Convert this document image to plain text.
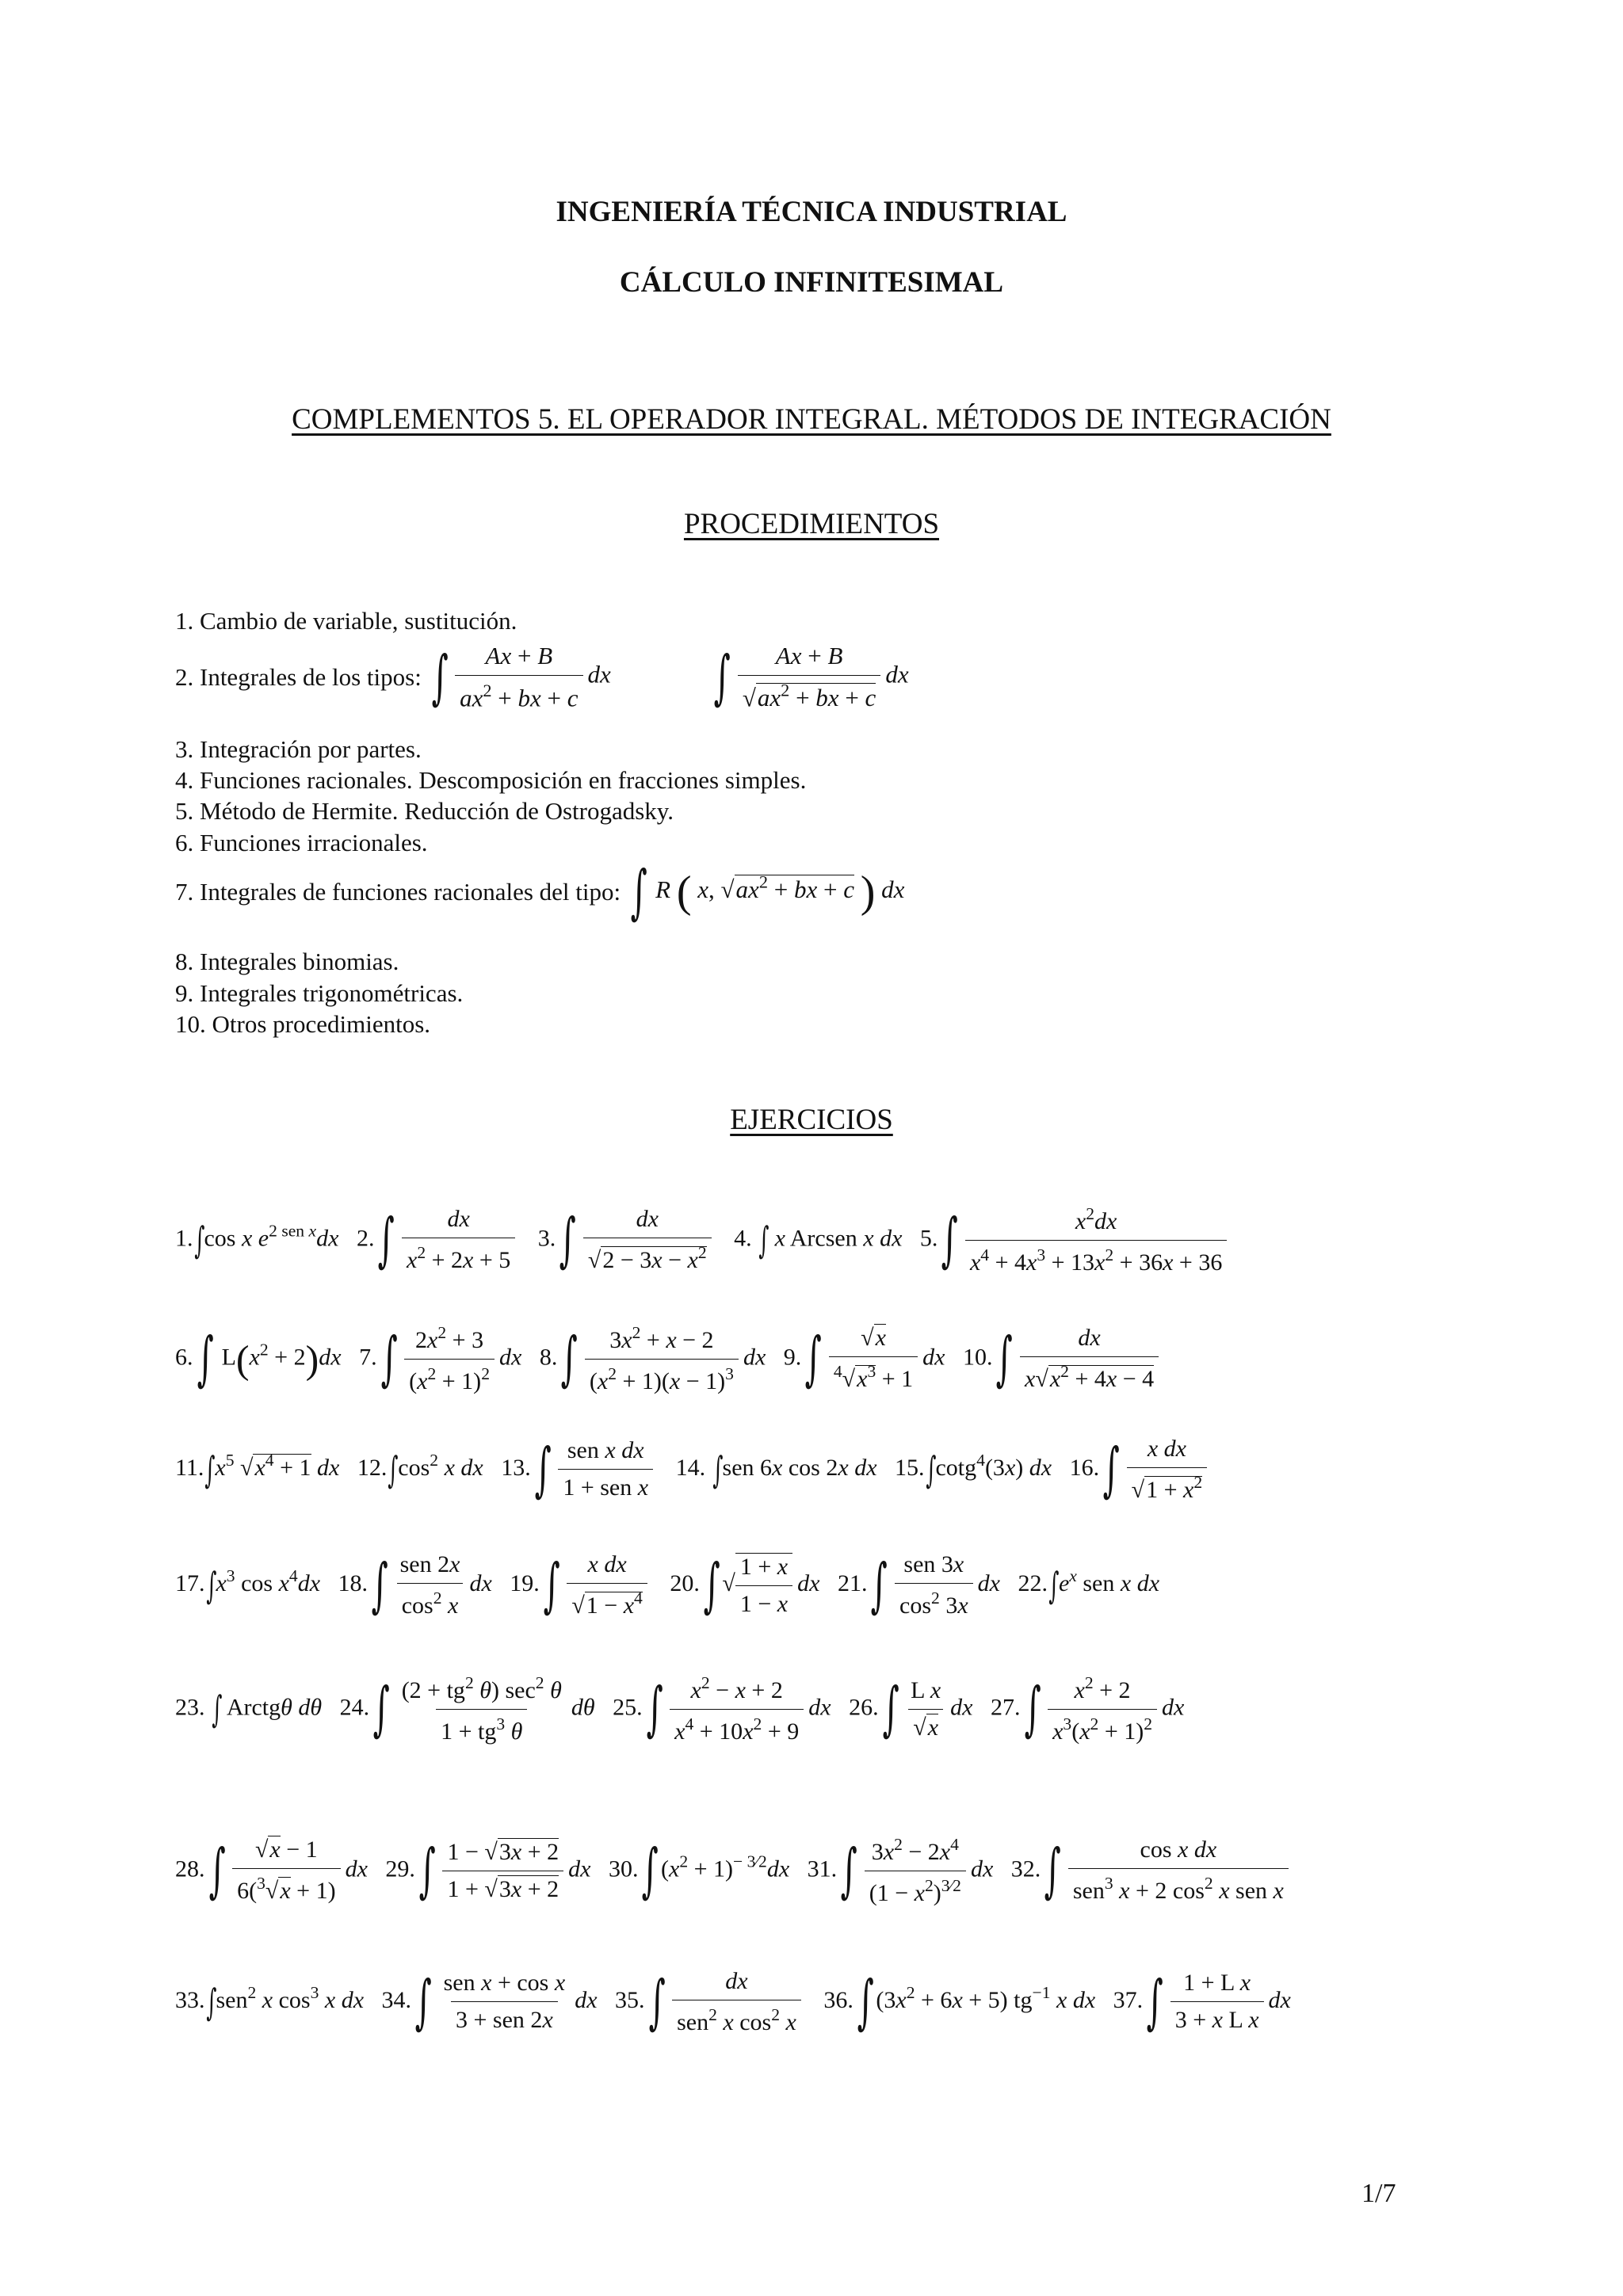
INGENIERÍA TÉCNICA INDUSTRIAL
CÁLCULO INFINITESIMAL
COMPLEMENTOS 5. EL OPERADOR INTEGRAL. MÉTODOS DE INTEGRACIÓN
PROCEDIMIENTOS
1. Cambio de variable, sustitución.
2. Integrales de los tipos: ∫ $\frac{Ax + B}{ax^2 + bx + c}$ dx ∫ $\frac{Ax + B}{√ax^2 + bx + c}$ dx
3. Integración por partes.
4. Funciones racionales. Descomposición en fracciones simples.
5. Método de Hermite. Reducción de Ostrogadsky.
6. Funciones irracionales.
7. Integrales de funciones racionales del tipo: ∫ R ( x, $√ax^2$ + bx + c ) dx
8. Integrales binomias.
9. Integrales trigonométricas.
10. Otros procedimientos.
EJERCICIOS
1.∫cos x $e^{2 sen x}dx$ $2.\int \frac{dx}{x^2 + 2x + 5} 3.\int \frac{dx}{√2 - 3x - x^2} 4$. ∫ x Arcsen x dx $5.\int \frac{x^2dx}{x^4 + 4x^3 + 13x^2 + 36x + 36}$
6.∫ $L(x^2 + 2)dx$ $7.\int \frac{2x^2 + 3}{(x^2 + 1)^2}$ dx $8.\int \frac{3x^2 + x - 2}{(x^2 + 1)(x - 1)^3}$ dx $9.\int \frac{√x}{^4√x^3 + 1}$ dx $10.\int \frac{dx}{x√x^2 + 4x - 4}$
$11.\int x^5$ $√x^4 + 1$ dx $12.\int\cos^2$ x dx $13.\int \frac{\text{sen x dx}}{\text{1 + sen x}} 14$. ∫sen 6x cos 2x dx 15.∫cotg$^4$(3x) dx $16.\int \frac{\text{x dx}}{√1 + x^2}$
$17.\int x^3$ $\cos x^4dx$ $18.\int \frac{\text{sen 2x}}{\cos^2 x}$ dx $19.\int \frac{\text{x dx}}{√1 - x^4} 20.\int√ \frac{1 + x}{1 - x}$ dx $21.\int \frac{\text{sen 3x}}{\cos^2 3x}$ dx $22.\int e^x$ sen x dx
23. ∫ Arctgθ dθ $24.\int \frac{(2 + tg^2 \theta) \sec^2 \theta}{1 + tg^3 \theta}$ dθ $25.\int \frac{x^2 - x + 2}{x^4 + 10x^2 + 9}$ dx $26.\int \frac{\text{L x}}{√x}$ dx $27.\int \frac{x^2 + 2}{x^3(x^2 + 1)^2}$ dx
$28.\int \frac{√x - 1}{6(^3√x + 1)}$ dx $29.\int \frac{1 - √3x + 2}{1 + √3x + 2}$ dx $30.\int(x^2 + 1)^{- 3⁄2}dx$ $31.\int \frac{3x^2 - 2x^4}{(1 - x^2)^{3⁄2}}$ dx $32.\int \frac{\text{cos x dx}}{sen^3 x + 2 \cos^2 x sen x}$
33.∫sen$^2$ x $\cos^3 x$ dx $34.\int \frac{\text{sen x + cos x}}{\text{3 + sen 2x}}$ dx $35.\int \frac{dx}{sen^2 x \cos^2 x} 36.\int(3x^2 + 6x + 5)$ $tg^{-1}$ x dx $37.\int \frac{\text{1 + L x}}{\text{3 + x L x}}$ dx
1/7
